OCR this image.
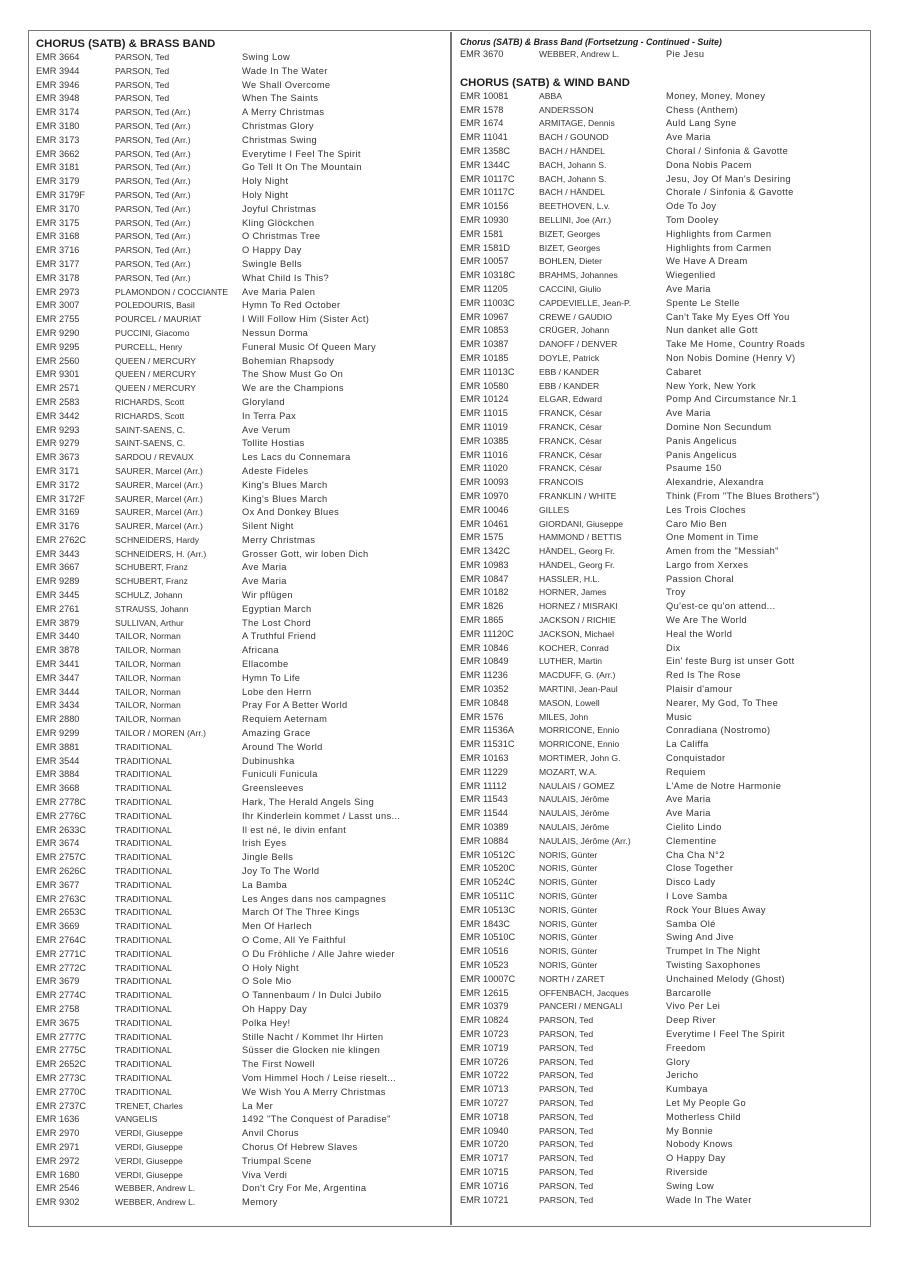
CHORUS (SATB) & BRASS BAND
EMR 3664	PARSON, Ted	Swing Low
EMR 3944	PARSON, Ted	Wade In The Water
EMR 3946	PARSON, Ted	We Shall Overcome
EMR 3948	PARSON, Ted	When The Saints
EMR 3174	PARSON, Ted (Arr.)	A Merry Christmas
EMR 3180	PARSON, Ted (Arr.)	Christmas Glory
EMR 3173	PARSON, Ted (Arr.)	Christmas Swing
EMR 3662	PARSON, Ted (Arr.)	Everytime I Feel The Spirit
EMR 3181	PARSON, Ted (Arr.)	Go Tell It On The Mountain
EMR 3179	PARSON, Ted (Arr.)	Holy Night
EMR 3179F	PARSON, Ted (Arr.)	Holy Night
EMR 3170	PARSON, Ted (Arr.)	Joyful Christmas
EMR 3175	PARSON, Ted (Arr.)	Kling Glöckchen
EMR 3168	PARSON, Ted (Arr.)	O Christmas Tree
EMR 3716	PARSON, Ted (Arr.)	O Happy Day
EMR 3177	PARSON, Ted (Arr.)	Swingle Bells
EMR 3178	PARSON, Ted (Arr.)	What Child Is This?
EMR 2973	PLAMONDON / COCCIANTE	Ave Maria Palen
EMR 3007	POLEDOURIS, Basil	Hymn To Red October
EMR 2755	POURCEL / MAURIAT	I Will Follow Him (Sister Act)
EMR 9290	PUCCINI, Giacomo	Nessun Dorma
EMR 9295	PURCELL, Henry	Funeral Music Of Queen Mary
EMR 2560	QUEEN / MERCURY	Bohemian Rhapsody
EMR 9301	QUEEN / MERCURY	The Show Must Go On
EMR 2571	QUEEN / MERCURY	We are the Champions
EMR 2583	RICHARDS, Scott	Gloryland
EMR 3442	RICHARDS, Scott	In Terra Pax
EMR 9293	SAINT-SAENS, C.	Ave Verum
EMR 9279	SAINT-SAENS, C.	Tollite Hostias
EMR 3673	SARDOU / REVAUX	Les Lacs du Connemara
EMR 3171	SAURER, Marcel (Arr.)	Adeste Fideles
EMR 3172	SAURER, Marcel (Arr.)	King's Blues March
EMR 3172F	SAURER, Marcel (Arr.)	King's Blues March
EMR 3169	SAURER, Marcel (Arr.)	Ox And Donkey Blues
EMR 3176	SAURER, Marcel (Arr.)	Silent Night
EMR 2762C	SCHNEIDERS, Hardy	Merry Christmas
EMR 3443	SCHNEIDERS, H. (Arr.)	Grosser Gott, wir loben Dich
EMR 3667	SCHUBERT, Franz	Ave Maria
EMR 9289	SCHUBERT, Franz	Ave Maria
EMR 3445	SCHULZ, Johann	Wir pflügen
EMR 2761	STRAUSS, Johann	Egyptian March
EMR 3879	SULLIVAN, Arthur	The Lost Chord
EMR 3440	TAILOR, Norman	A Truthful Friend
EMR 3878	TAILOR, Norman	Africana
EMR 3441	TAILOR, Norman	Ellacombe
EMR 3447	TAILOR, Norman	Hymn To Life
EMR 3444	TAILOR, Norman	Lobe den Herrn
EMR 3434	TAILOR, Norman	Pray For A Better World
EMR 2880	TAILOR, Norman	Requiem Aeternam
EMR 9299	TAILOR / MOREN (Arr.)	Amazing Grace
EMR 3881	TRADITIONAL	Around The World
EMR 3544	TRADITIONAL	Dubinushka
EMR 3884	TRADITIONAL	Funiculi Funicula
EMR 3668	TRADITIONAL	Greensleeves
EMR 2778C	TRADITIONAL	Hark, The Herald Angels Sing
EMR 2776C	TRADITIONAL	Ihr Kinderlein kommet / Lasst uns...
EMR 2633C	TRADITIONAL	Il est né, le divin enfant
EMR 3674	TRADITIONAL	Irish Eyes
EMR 2757C	TRADITIONAL	Jingle Bells
EMR 2626C	TRADITIONAL	Joy To The World
EMR 3677	TRADITIONAL	La Bamba
EMR 2763C	TRADITIONAL	Les Anges dans nos campagnes
EMR 2653C	TRADITIONAL	March Of The Three Kings
EMR 3669	TRADITIONAL	Men Of Harlech
EMR 2764C	TRADITIONAL	O Come, All Ye Faithful
EMR 2771C	TRADITIONAL	O Du Fröhliche / Alle Jahre wieder
EMR 2772C	TRADITIONAL	O Holy Night
EMR 3679	TRADITIONAL	O Sole Mio
EMR 2774C	TRADITIONAL	O Tannenbaum / In Dulci Jubilo
EMR 2758	TRADITIONAL	Oh Happy Day
EMR 3675	TRADITIONAL	Polka Hey!
EMR 2777C	TRADITIONAL	Stille Nacht / Kommet Ihr Hirten
EMR 2775C	TRADITIONAL	Süsser die Glocken nie klingen
EMR 2652C	TRADITIONAL	The First Nowell
EMR 2773C	TRADITIONAL	Vom Himmel Hoch / Leise rieselt...
EMR 2770C	TRADITIONAL	We Wish You A Merry Christmas
EMR 2737C	TRENET, Charles	La Mer
EMR 1636	VANGELIS	1492 "The Conquest of Paradise"
EMR 2970	VERDI, Giuseppe	Anvil Chorus
EMR 2971	VERDI, Giuseppe	Chorus Of Hebrew Slaves
EMR 2972	VERDI, Giuseppe	Triumpal Scene
EMR 1680	VERDI, Giuseppe	Viva Verdi
EMR 2546	WEBBER, Andrew L.	Don't Cry For Me, Argentina
EMR 9302	WEBBER, Andrew L.	Memory
Chorus (SATB) & Brass Band (Fortsetzung - Continued - Suite)
EMR 3670	WEBBER, Andrew L.	Pie Jesu
CHORUS (SATB) & WIND BAND
EMR 10081	ABBA	Money, Money, Money
EMR 1578	ANDERSSON	Chess (Anthem)
EMR 1674	ARMITAGE, Dennis	Auld Lang Syne
EMR 11041	BACH / GOUNOD	Ave Maria
EMR 1358C	BACH / HÄNDEL	Choral / Sinfonia & Gavotte
EMR 1344C	BACH, Johann S.	Dona Nobis Pacem
EMR 10117C	BACH, Johann S.	Jesu, Joy Of Man's Desiring
EMR 10117C	BACH / HÄNDEL	Chorale / Sinfonia & Gavotte
EMR 10156	BEETHOVEN, L.v.	Ode To Joy
EMR 10930	BELLINI, Joe (Arr.)	Tom Dooley
EMR 1581	BIZET, Georges	Highlights from Carmen
EMR 1581D	BIZET, Georges	Highlights from Carmen
EMR 10057	BOHLEN, Dieter	We Have A Dream
EMR 10318C	BRAHMS, Johannes	Wiegenlied
EMR 11205	CACCINI, Giulio	Ave Maria
EMR 11003C	CAPDEVIELLE, Jean-P.	Spente Le Stelle
EMR 10967	CREWE / GAUDIO	Can't Take My Eyes Off You
EMR 10853	CRÜGER, Johann	Nun danket alle Gott
EMR 10387	DANOFF / DENVER	Take Me Home, Country Roads
EMR 10185	DOYLE, Patrick	Non Nobis Domine (Henry V)
EMR 11013C	EBB / KANDER	Cabaret
EMR 10580	EBB / KANDER	New York, New York
EMR 10124	ELGAR, Edward	Pomp And Circumstance Nr.1
EMR 11015	FRANCK, César	Ave Maria
EMR 11019	FRANCK, César	Domine Non Secundum
EMR 10385	FRANCK, César	Panis Angelicus
EMR 11016	FRANCK, César	Panis Angelicus
EMR 11020	FRANCK, César	Psaume 150
EMR 10093	FRANCOIS	Alexandrie, Alexandra
EMR 10970	FRANKLIN / WHITE	Think (From "The Blues Brothers")
EMR 10046	GILLES	Les Trois Cloches
EMR 10461	GIORDANI, Giuseppe	Caro Mio Ben
EMR 1575	HAMMOND / BETTIS	One Moment in Time
EMR 1342C	HÄNDEL, Georg Fr.	Amen from the "Messiah"
EMR 10983	HÄNDEL, Georg Fr.	Largo from Xerxes
EMR 10847	HASSLER, H.L.	Passion Choral
EMR 10182	HORNER, James	Troy
EMR 1826	HORNEZ / MISRAKI	Qu'est-ce qu'on attend...
EMR 1865	JACKSON / RICHIE	We Are The World
EMR 11120C	JACKSON, Michael	Heal the World
EMR 10846	KOCHER, Conrad	Dix
EMR 10849	LUTHER, Martin	Ein' feste Burg ist unser Gott
EMR 11236	MACDUFF, G. (Arr.)	Red Is The Rose
EMR 10352	MARTINI, Jean-Paul	Plaisir d'amour
EMR 10848	MASON, Lowell	Nearer, My God, To Thee
EMR 1576	MILES, John	Music
EMR 11536A	MORRICONE, Ennio	Conradiana (Nostromo)
EMR 11531C	MORRICONE, Ennio	La Califfa
EMR 10163	MORTIMER, John G.	Conquistador
EMR 11229	MOZART, W.A.	Requiem
EMR 11112	NAULAIS / GOMEZ	L'Ame de Notre Harmonie
EMR 11543	NAULAIS, Jérôme	Ave Maria
EMR 11544	NAULAIS, Jérôme	Ave Maria
EMR 10389	NAULAIS, Jérôme	Cielito Lindo
EMR 10884	NAULAIS, Jérôme (Arr.)	Clementine
EMR 10512C	NORIS, Günter	Cha Cha N°2
EMR 10520C	NORIS, Günter	Close Together
EMR 10524C	NORIS, Günter	Disco Lady
EMR 10511C	NORIS, Günter	I Love Samba
EMR 10513C	NORIS, Günter	Rock Your Blues Away
EMR 1843C	NORIS, Günter	Samba Olé
EMR 10510C	NORIS, Günter	Swing And Jive
EMR 10516	NORIS, Günter	Trumpet In The Night
EMR 10523	NORIS, Günter	Twisting Saxophones
EMR 10007C	NORTH / ZARET	Unchained Melody (Ghost)
EMR 12615	OFFENBACH, Jacques	Barcarolle
EMR 10379	PANCERI / MENGALI	Vivo Per Lei
EMR 10824	PARSON, Ted	Deep River
EMR 10723	PARSON, Ted	Everytime I Feel The Spirit
EMR 10719	PARSON, Ted	Freedom
EMR 10726	PARSON, Ted	Glory
EMR 10722	PARSON, Ted	Jericho
EMR 10713	PARSON, Ted	Kumbaya
EMR 10727	PARSON, Ted	Let My People Go
EMR 10718	PARSON, Ted	Motherless Child
EMR 10940	PARSON, Ted	My Bonnie
EMR 10720	PARSON, Ted	Nobody Knows
EMR 10717	PARSON, Ted	O Happy Day
EMR 10715	PARSON, Ted	Riverside
EMR 10716	PARSON, Ted	Swing Low
EMR 10721	PARSON, Ted	Wade In The Water
